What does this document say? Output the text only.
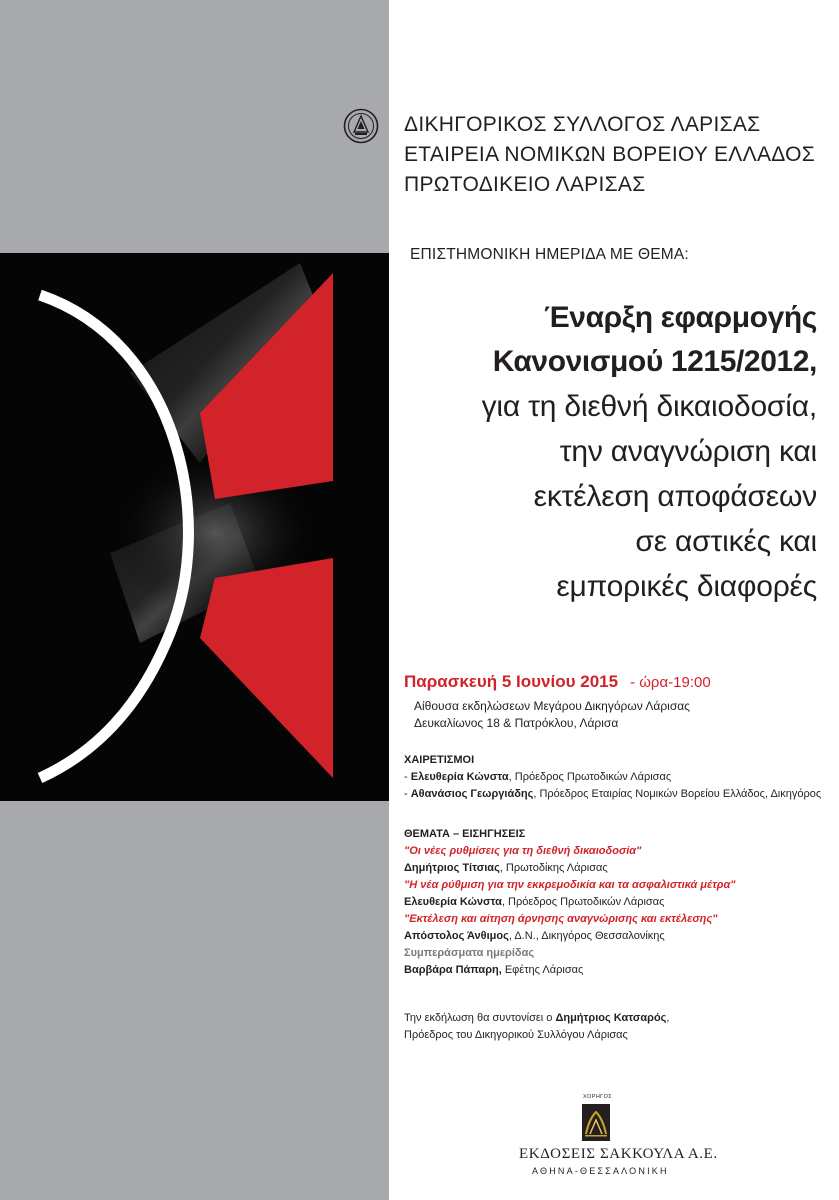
ΔΙΚΗΓΟΡΙΚΟΣ ΣΥΛΛΟΓΟΣ ΛΑΡΙΣΑΣ
ΕΤΑΙΡΕΙΑ ΝΟΜΙΚΩΝ ΒΟΡΕΙΟΥ ΕΛΛΑΔΟΣ
ΠΡΩΤΟΔΙΚΕΙΟ ΛΑΡΙΣΑΣ
ΕΠΙΣΤΗΜΟΝΙΚΗ ΗΜΕΡΙΔΑ ΜΕ ΘΕΜΑ:
Έναρξη εφαρμογής
Κανονισμού 1215/2012,
για τη διεθνή δικαιοδοσία,
την αναγνώριση και
εκτέλεση αποφάσεων
σε αστικές και
εμπορικές διαφορές
Παρασκευή 5 Ιουνίου 2015 - ώρα-19:00
Αίθουσα εκδηλώσεων Μεγάρου Δικηγόρων Λάρισας
Δευκαλίωνος 18 & Πατρόκλου, Λάρισα
ΧΑΙΡΕΤΙΣΜΟΙ
- Ελευθερία Κώνστα, Πρόεδρος Πρωτοδικών Λάρισας
- Αθανάσιος Γεωργιάδης, Πρόεδρος Εταιρίας Νομικών Βορείου Ελλάδος, Δικηγόρος
ΘΕΜΑΤΑ – ΕΙΣΗΓΗΣΕΙΣ
"Οι νέες ρυθμίσεις για τη διεθνή δικαιοδοσία"
Δημήτριος Τίτσιας, Πρωτοδίκης Λάρισας
"Η νέα ρύθμιση για την εκκρεμοδικία και τα ασφαλιστικά μέτρα"
Ελευθερία Κώνστα, Πρόεδρος Πρωτοδικών Λάρισας
"Εκτέλεση και αίτηση άρνησης αναγνώρισης και εκτέλεσης"
Απόστολος Άνθιμος, Δ.Ν., Δικηγόρος Θεσσαλονίκης
Συμπεράσματα ημερίδας
Βαρβάρα Πάπαρη, Εφέτης Λάρισας
Την εκδήλωση θα συντονίσει ο Δημήτριος Κατσαρός,
Πρόεδρος του Δικηγορικού Συλλόγου Λάρισας
ΧΟΡΗΓΟΣ
ΕΚΔΟΣΕΙΣ ΣΑΚΚΟΥΛΑ Α.Ε.
ΑΘΗΝΑ-ΘΕΣΣΑΛΟΝΙΚΗ
